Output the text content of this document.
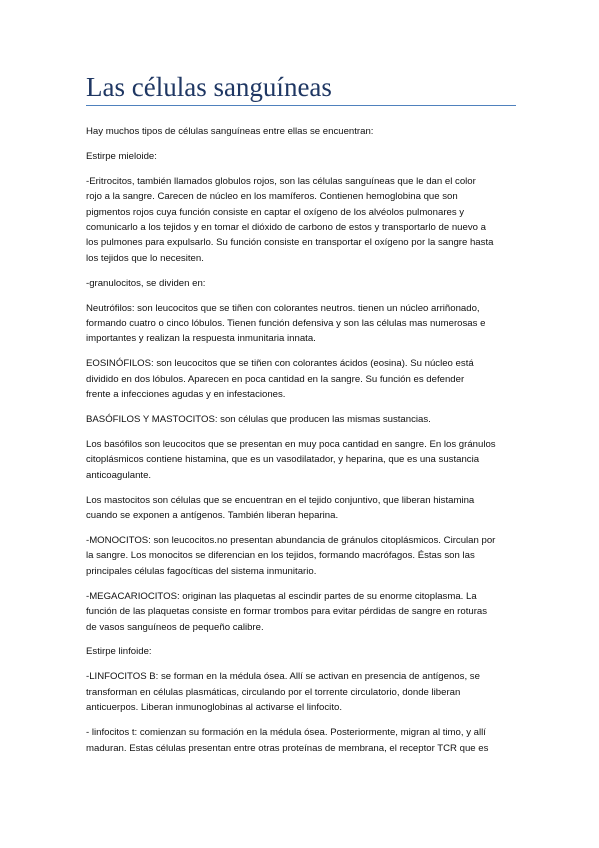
Las células sanguíneas

Hay muchos tipos de células sanguíneas entre ellas se encuentran:

Estirpe mieloide:

-Eritrocitos, también llamados globulos rojos, son las células sanguíneas que le dan el color
rojo a la sangre. Carecen de núcleo en los mamíferos. Contienen hemoglobina que son
pigmentos rojos cuya función consiste en captar el oxígeno de los alvéolos pulmonares y
comunicarlo a los tejidos y en tomar el dióxido de carbono de estos y transportarlo de nuevo a
los pulmones para expulsarlo. Su función consiste en transportar el oxígeno por la sangre hasta
los tejidos que lo necesiten.

-granulocitos, se dividen en:

Neutrófilos: son leucocitos que se tiñen con colorantes neutros. tienen un núcleo arriñonado,
formando cuatro o cinco lóbulos. Tienen función defensiva y son las células mas numerosas e
importantes y realizan la respuesta inmunitaria innata.

EOSINÓFILOS: son leucocitos que se tiñen con colorantes ácidos (eosina). Su núcleo está
dividido en dos lóbulos. Aparecen en poca cantidad en la sangre. Su función es defender
frente a infecciones agudas y en infestaciones.

BASÓFILOS Y MASTOCITOS: son células que producen las mismas sustancias.

Los basófilos son leucocitos que se presentan en muy poca cantidad en sangre. En los gránulos
citoplásmicos contiene histamina, que es un vasodilatador, y heparina, que es una sustancia
anticoagulante.

Los mastocitos son células que se encuentran en el tejido conjuntivo, que liberan histamina
cuando se exponen a antígenos. También liberan heparina.

-MONOCITOS: son leucocitos.no presentan abundancia de gránulos citoplásmicos. Circulan por
la sangre. Los monocitos se diferencian en los tejidos, formando macrófagos. Éstas son las
principales células fagocíticas del sistema inmunitario.

-MEGACARIOCITOS: originan las plaquetas al escindir partes de su enorme citoplasma. La
función de las plaquetas consiste en formar trombos para evitar pérdidas de sangre en roturas
de vasos sanguíneos de pequeño calibre.

Estirpe linfoide:

-LINFOCITOS B: se forman en la médula ósea. Allí se activan en presencia de antígenos, se
transforman en células plasmáticas, circulando por el torrente circulatorio, donde liberan
anticuerpos. Liberan inmunoglobinas al activarse el linfocito.

- linfocitos t: comienzan su formación en la médula ósea. Posteriormente, migran al timo, y allí
maduran. Estas células presentan entre otras proteínas de membrana, el receptor TCR que es
